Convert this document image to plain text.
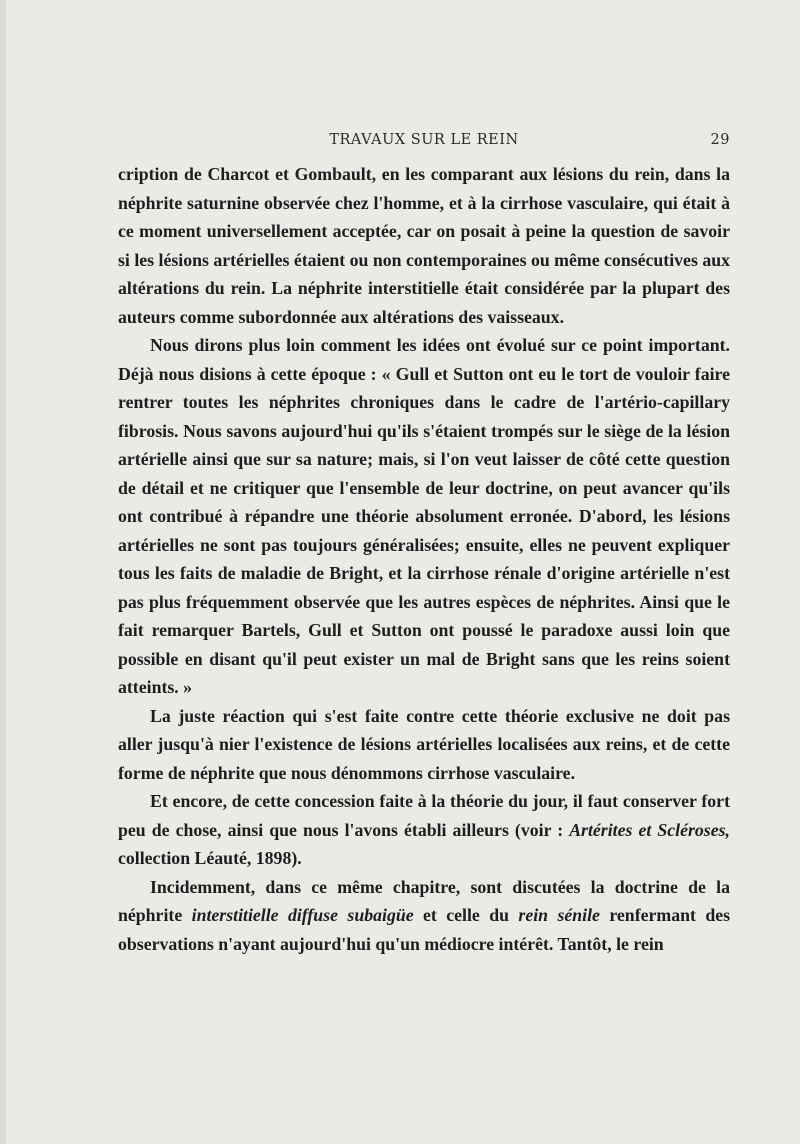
TRAVAUX SUR LE REIN	29

cription de Charcot et Gombault, en les comparant aux lésions du rein, dans la néphrite saturnine observée chez l'homme, et à la cirrhose vasculaire, qui était à ce moment universellement acceptée, car on posait à peine la question de savoir si les lésions artérielles étaient ou non contemporaines ou même consécutives aux altérations du rein. La néphrite interstitielle était considérée par la plupart des auteurs comme subordonnée aux altérations des vaisseaux.

Nous dirons plus loin comment les idées ont évolué sur ce point important. Déjà nous disions à cette époque : « Gull et Sutton ont eu le tort de vouloir faire rentrer toutes les néphrites chroniques dans le cadre de l'artério-capillary fibrosis. Nous savons aujourd'hui qu'ils s'étaient trompés sur le siège de la lésion artérielle ainsi que sur sa nature; mais, si l'on veut laisser de côté cette question de détail et ne critiquer que l'ensemble de leur doctrine, on peut avancer qu'ils ont contribué à répandre une théorie absolument erronée. D'abord, les lésions artérielles ne sont pas toujours généralisées; ensuite, elles ne peuvent expliquer tous les faits de maladie de Bright, et la cirrhose rénale d'origine artérielle n'est pas plus fréquemment observée que les autres espèces de néphrites. Ainsi que le fait remarquer Bartels, Gull et Sutton ont poussé le paradoxe aussi loin que possible en disant qu'il peut exister un mal de Bright sans que les reins soient atteints. »

La juste réaction qui s'est faite contre cette théorie exclusive ne doit pas aller jusqu'à nier l'existence de lésions artérielles localisées aux reins, et de cette forme de néphrite que nous dénommons cirrhose vasculaire.

Et encore, de cette concession faite à la théorie du jour, il faut conserver fort peu de chose, ainsi que nous l'avons établi ailleurs (voir : Artérites et Scléroses, collection Léauté, 1898).

Incidemment, dans ce même chapitre, sont discutées la doctrine de la néphrite interstitielle diffuse subaigüe et celle du rein sénile renfermant des observations n'ayant aujourd'hui qu'un médiocre intérêt. Tantôt, le rein
